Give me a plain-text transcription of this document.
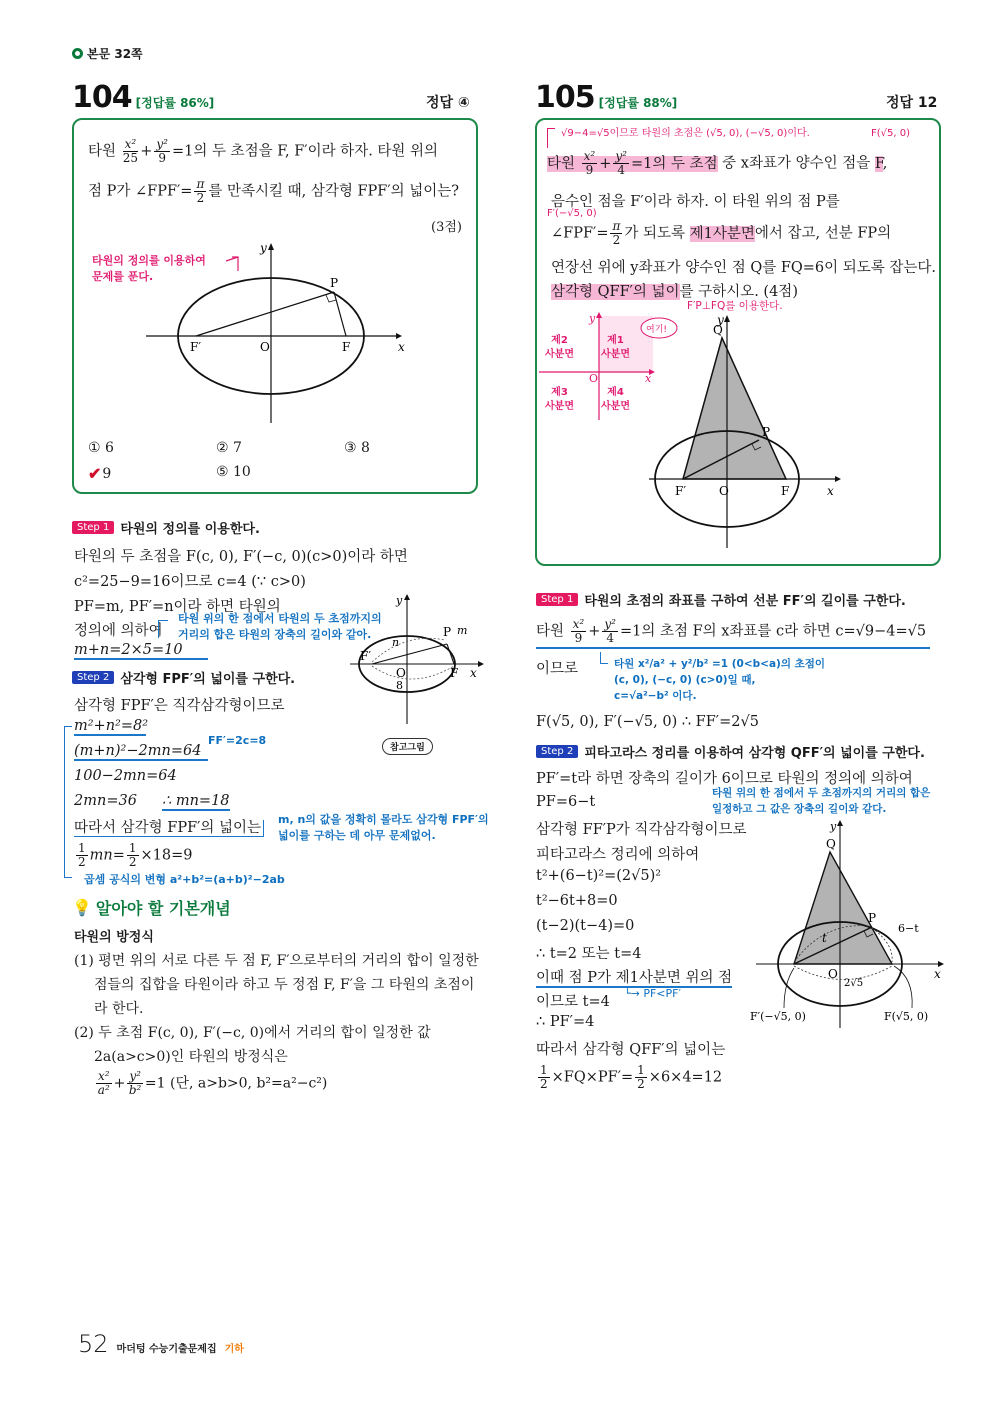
본문 32쪽
104 [정답률 86%]	정답 ④
타원 $\frac{\text{x²}}{25} + \frac{\text{y²}}{9} =1$의 두 초점을 F, F′이라 하자. 타원 위의
점 P가 ∠FPF′= $\frac{\pi}{2}$ 를 만족시킬 때, 삼각형 FPF′의 넓이는?
(3점)
타원의 정의를 이용하여
문제를 푼다.	P
F′	O	F	x
y
① 6	② 7	③ 8
✔ 9	⑤ 10
Step 1 타원의 정의를 이용한다.
타원의 두 초점을 F(c, 0), F′(−c, 0)(c>0)이라 하면
c²=25−9=16이므로 c=4 (∵ c>0)
PF=m, PF′=n이라 하면 타원의
정의에 의하여
타원 위의 한 점에서 타원의 두 초점까지의
거리의 합은 타원의 장축의 길이와 같아.
m+n=2×5=10
P m
n
F′
O	F
8
x
y
참고그림
Step 2 삼각형 FPF′의 넓이를 구한다.
삼각형 FPF′은 직각삼각형이므로
m²+n²=8²
FF′=2c=8
(m+n)²−2mn=64
100−2mn=64
2mn=36 ∴ mn=18
따라서 삼각형 FPF′의 넓이는
m, n의 값을 정확히 몰라도 삼각형 FPF′의
넓이를 구하는 데 아무 문제없어.
$\frac{1}{2} mn= \frac{1}{2} \times 18=9$
곱셈 공식의 변형 a²+b²=(a+b)²−2ab
💡 알아야 할 기본개념
타원의 방정식
(1) 평면 위의 서로 다른 두 점 F, F′으로부터의 거리의 합이 일정한
점들의 집합을 타원이라 하고 두 정점 F, F′을 그 타원의 초점이
라 한다.
(2) 두 초점 F(c, 0), F′(−c, 0)에서 거리의 합이 일정한 값
2a(a>c>0)인 타원의 방정식은
$\frac{\text{x²}}{\text{a²}} + \frac{\text{y²}}{\text{b²}} =1$ (단, a>b>0, b²=a²−c²)
105 [정답률 88%]	정답 12
√9−4=√5이므로 타원의 초점은 (√5, 0), (−√5, 0)이다.	F(√5, 0)
타원 $\frac{\text{x²}}{9} + \frac{\text{y²}}{4} =1$의 두 초점 중 x좌표가 양수인 점을 F,
음수인 점을 F′이라 하자. 이 타원 위의 점 P를
F′(−√5, 0)
∠FPF′= $\frac{\pi}{2}$ 가 되도록 제1사분면에서 잡고, 선분 FP의
연장선 위에 y좌표가 양수인 점 Q를 FQ=6이 되도록 잡는다.
삼각형 QFF′의 넓이를 구하시오. (4점)
F′P⊥FQ를 이용한다.
여기!
O	x
y
제2
사분면
제1
사분면
제3
사분면
제4
사분면
Q
P
F′	O	F	x
y
Step 1 타원의 초점의 좌표를 구하여 선분 FF′의 길이를 구한다.
타원 $\frac{\text{x²}}{9} + \frac{\text{y²}}{4} =1$의 초점 F의 x좌표를 c라 하면 c=√9−4=√5
이므로	타원 x²/a² + y²/b² =1 (0<b<a)의 초점이
(c, 0), (−c, 0) (c>0)일 때,
c=√a²−b² 이다.
F(√5, 0), F′(−√5, 0) ∴ FF′=2√5
Step 2 피타고라스 정리를 이용하여 삼각형 QFF′의 넓이를 구한다.
PF′=t라 하면 장축의 길이가 6이므로 타원의 정의에 의하여
PF=6−t
타원 위의 한 점에서 두 초점까지의 거리의 합은
일정하고 그 값은 장축의 길이와 같다.
삼각형 FF′P가 직각삼각형이므로
피타고라스 정리에 의하여
t²+(6−t)²=(2√5)²
t²−6t+8=0
(t−2)(t−4)=0
∴ t=2 또는 t=4
이때 점 P가 제1사분면 위의 점
이므로 t=4
└→ PF<PF′
∴ PF′=4
따라서 삼각형 QFF′의 넓이는
$\frac{1}{2} \times FQ\times PF'= \frac{1}{2} \times 6\times 4=12$
Q
P
t
6−t
O
2√5
x
y
F′(−√5, 0)	F(√5, 0)
52 마더텅 수능기출문제집 기하
